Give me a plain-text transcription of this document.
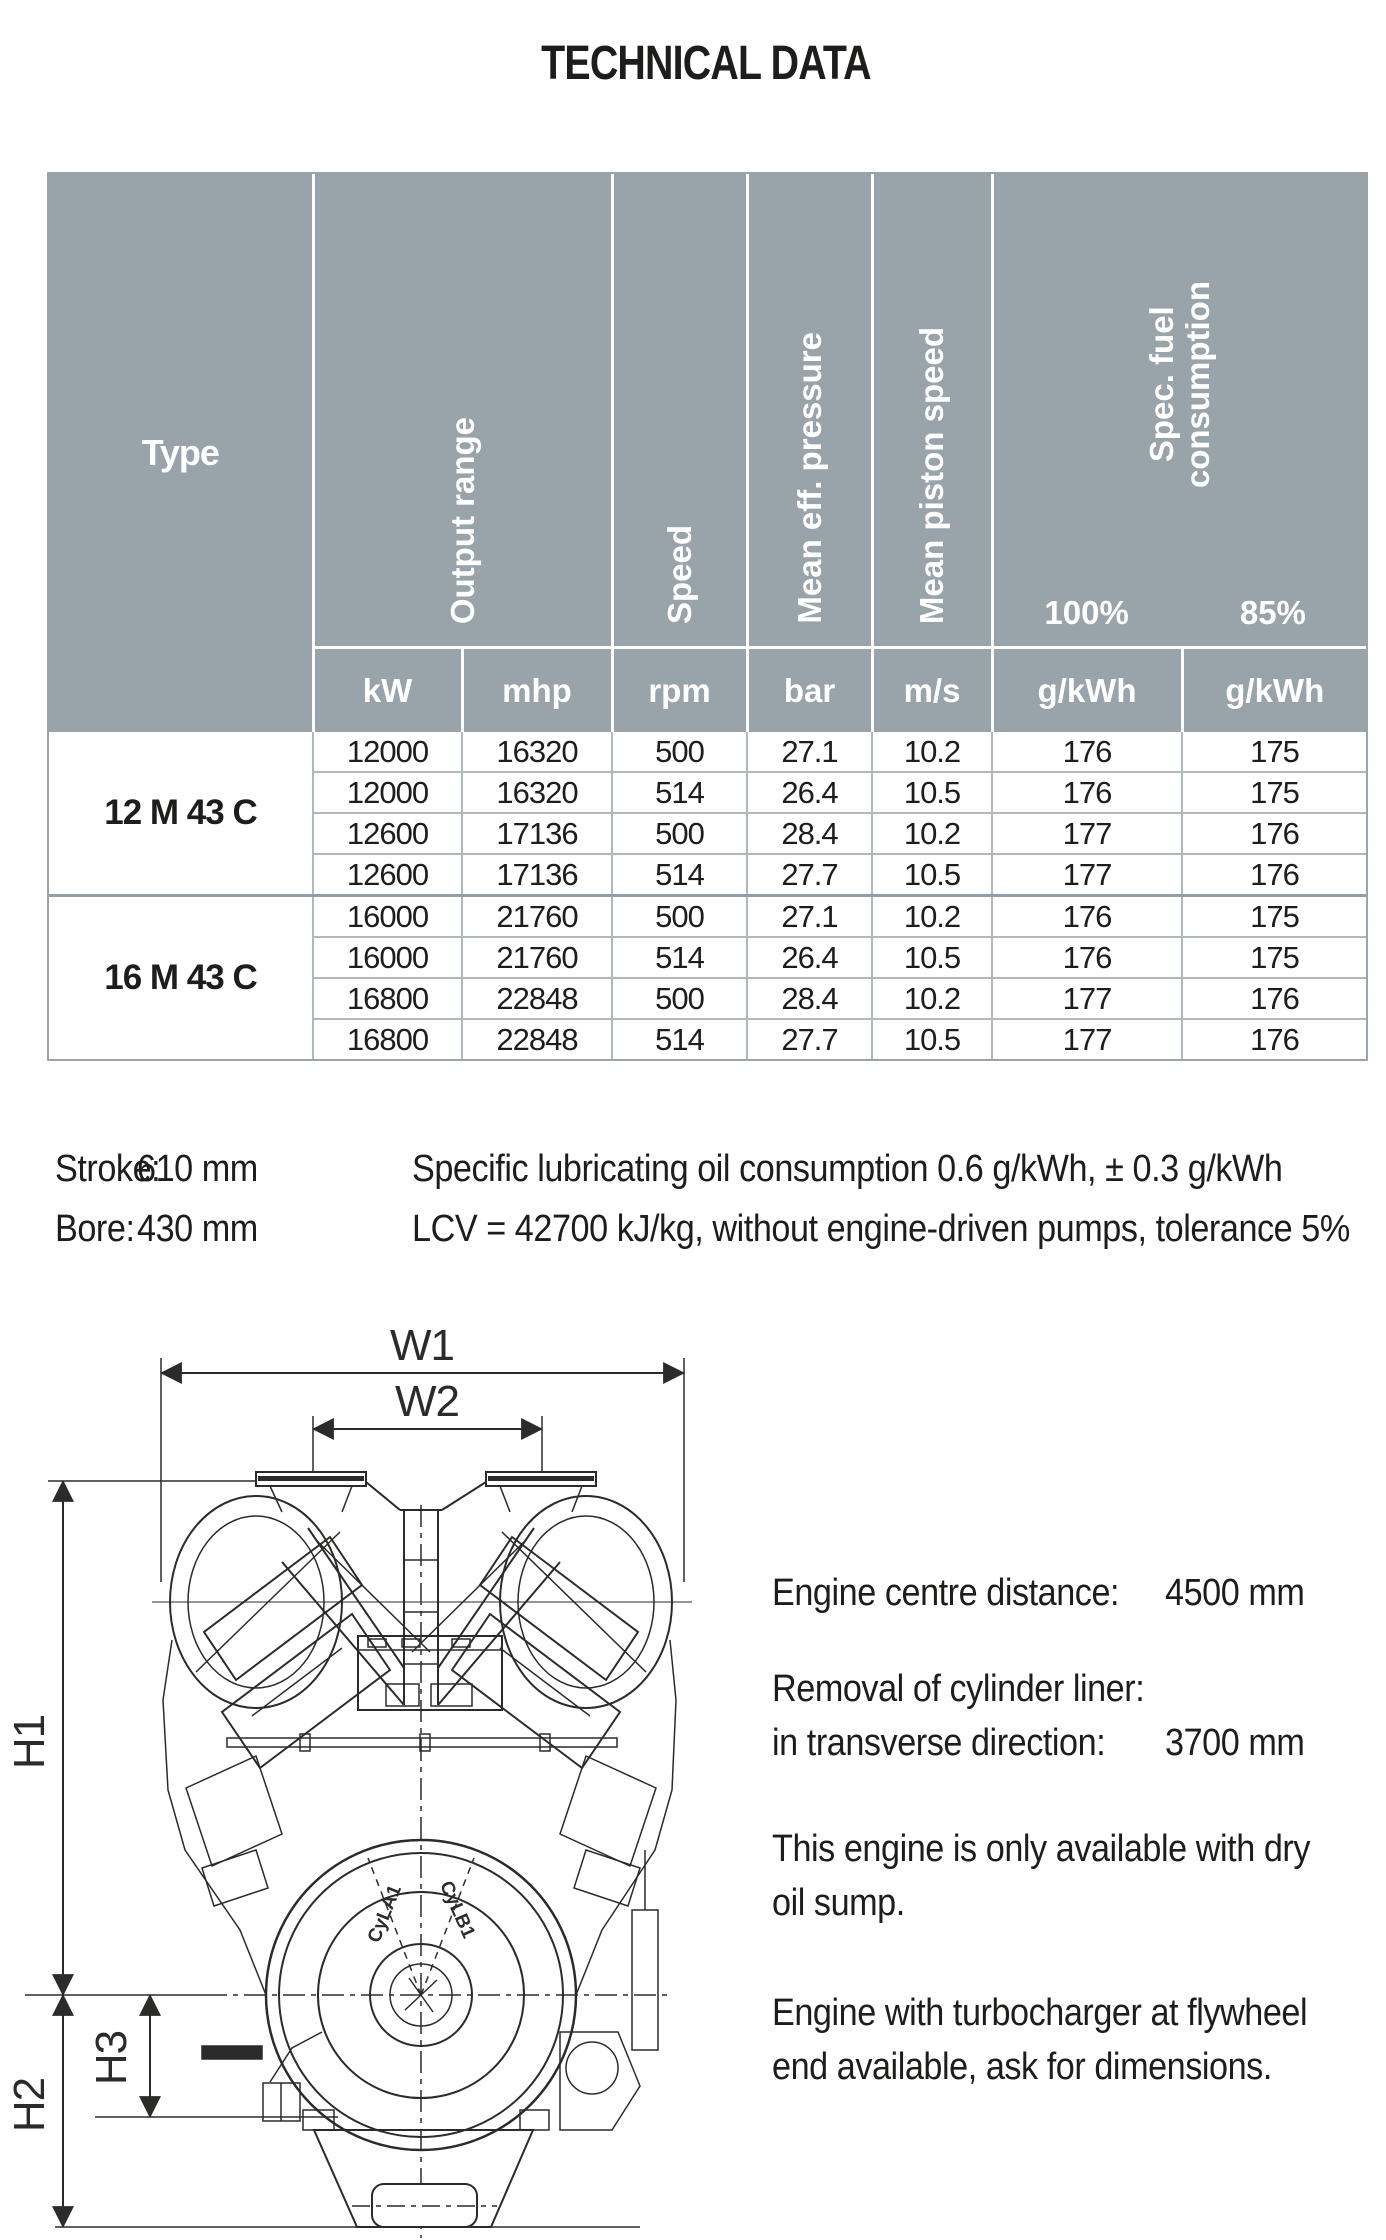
TECHNICAL DATA
Type	Output range		Speed	Mean eff. pressure	Mean piston speed	Spec. fuel consumption
100% 85%	

	kW	mhp	rpm	bar	m/s	g/kWh	g/kWh
12 M 43 C	12000	16320	500	27.1	10.2	176	175
	12000	16320	514	26.4	10.5	176	175
	12600	17136	500	28.4	10.2	177	176
	12600	17136	514	27.7	10.5	177	176
16 M 43 C	16000	21760	500	27.1	10.2	176	175
	16000	21760	514	26.4	10.5	176	175
	16800	22848	500	28.4	10.2	177	176
	16800	22848	514	27.7	10.5	177	176
Stroke:
610 mm
Bore: 430 mm
Specific lubricating oil consumption 0.6 g/kWh, ± 0.3 g/kWh
LCV = 42700 kJ/kg, without engine-driven pumps, tolerance 5%
W1
W2
H1
H2
H3
CyLA1 CyLB1
Engine centre distance: 4500 mm
Removal of cylinder liner:
in transverse direction: 3700 mm
This engine is only available with dry
oil sump.
Engine with turbocharger at flywheel
end available, ask for dimensions.
